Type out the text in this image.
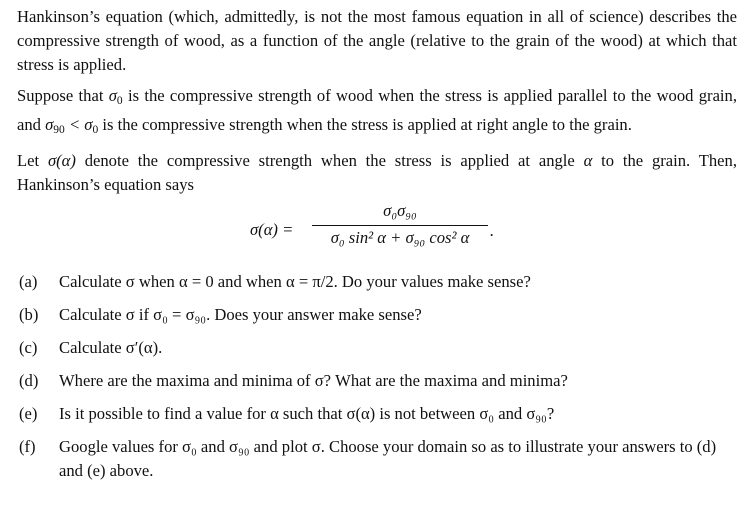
Hankinson’s equation (which, admittedly, is not the most famous equation in all of science) describes the compressive strength of wood, as a function of the angle (relative to the grain of the wood) at which that stress is applied.

Suppose that $\sigma_0$ is the compressive strength of wood when the stress is applied parallel to the wood grain, and $\sigma_{90} < \sigma_0$ is the compressive strength when the stress is applied at right angle to the grain.

Let σ(α) denote the compressive strength when the stress is applied at angle α to the grain. Then, Hankinson’s equation says

σ(α) =
σ₀σ₉₀
σ₀ sin² α + σ₉₀ cos² α	.
(a) Calculate σ when α = 0 and when α = π/2. Do your values make sense?
(b) Calculate σ if σ₀ = σ₉₀. Does your answer make sense?
(c) Calculate σ′(α).
(d) Where are the maxima and minima of σ? What are the maxima and minima?
(e) Is it possible to find a value for α such that σ(α) is not between σ₀ and σ₉₀?
(f) Google values for σ₀ and σ₉₀ and plot σ. Choose your domain so as to illustrate your answers to (d) and (e) above.
